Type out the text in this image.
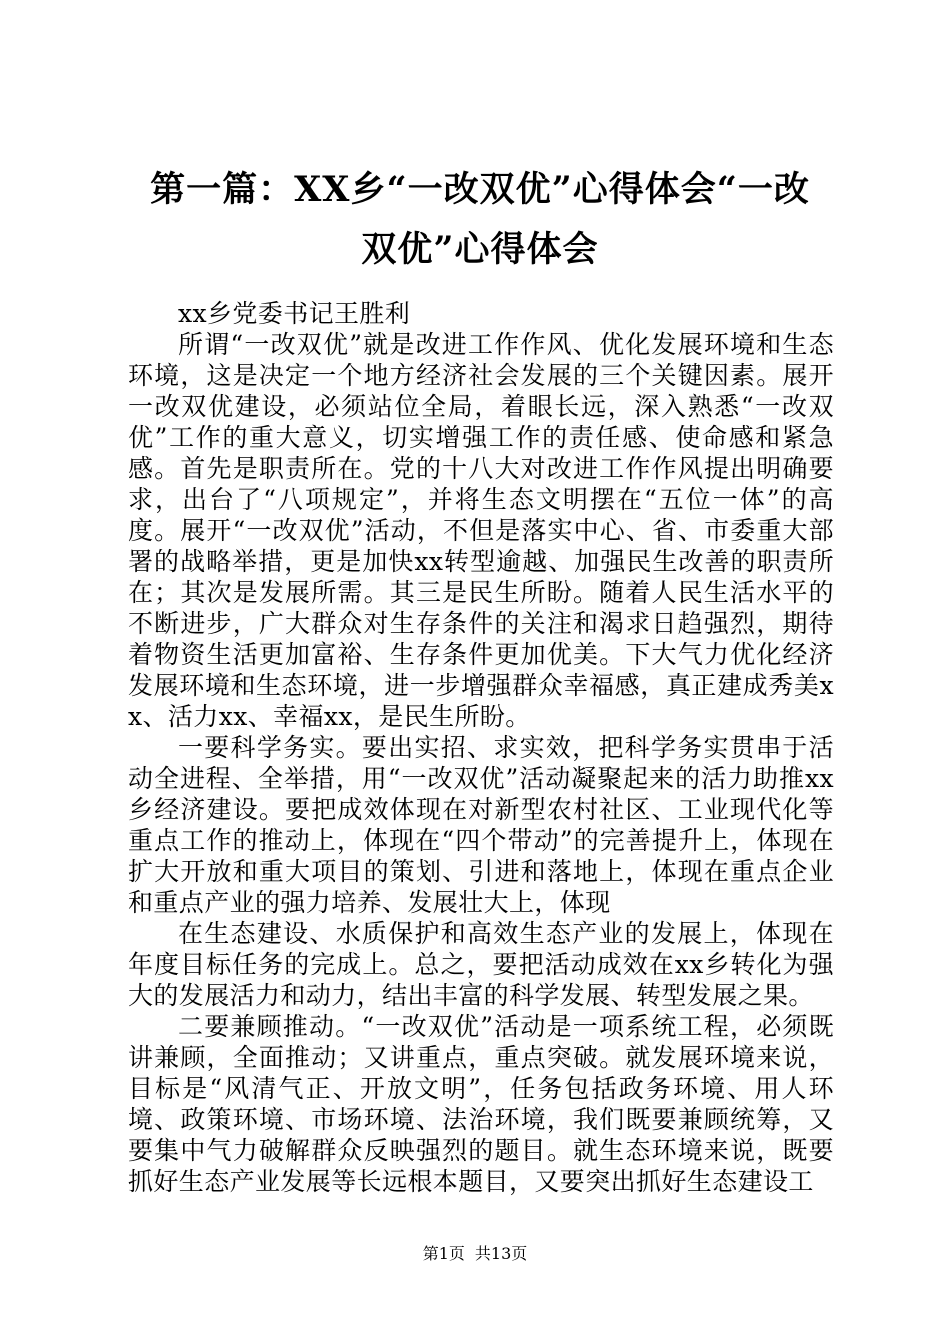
第一篇：XX乡“一改双优”心得体会“一改
双优”心得体会

xx乡党委书记王胜利

所谓“一改双优”就是改进工作作风、优化发展环境和生态环境，这是决定一个地方经济社会发展的三个关键因素。展开一改双优建设，必须站位全局，着眼长远，深入熟悉“一改双优”工作的重大意义，切实增强工作的责任感、使命感和紧急感。首先是职责所在。党的十八大对改进工作作风提出明确要求，出台了“八项规定”，并将生态文明摆在“五位一体”的高度。展开“一改双优”活动，不但是落实中心、省、市委重大部署的战略举措，更是加快xx转型逾越、加强民生改善的职责所在；其次是发展所需。其三是民生所盼。随着人民生活水平的不断进步，广大群众对生存条件的关注和渴求日趋强烈，期待着物资生活更加富裕、生存条件更加优美。下大气力优化经济发展环境和生态环境，进一步增强群众幸福感，真正建成秀美xx、活力xx、幸福xx，是民生所盼。

一要科学务实。要出实招、求实效，把科学务实贯串于活动全进程、全举措，用“一改双优”活动凝聚起来的活力助推xx乡经济建设。要把成效体现在对新型农村社区、工业现代化等重点工作的推动上，体现在“四个带动”的完善提升上，体现在扩大开放和重大项目的策划、引进和落地上，体现在重点企业和重点产业的强力培养、发展壮大上，体现

在生态建设、水质保护和高效生态产业的发展上，体现在年度目标任务的完成上。总之，要把活动成效在xx乡转化为强大的发展活力和动力，结出丰富的科学发展、转型发展之果。

二要兼顾推动。“一改双优”活动是一项系统工程，必须既讲兼顾，全面推动；又讲重点，重点突破。就发展环境来说，目标是“风清气正、开放文明”，任务包括政务环境、用人环境、政策环境、市场环境、法治环境，我们既要兼顾统筹，又要集中气力破解群众反映强烈的题目。就生态环境来说，既要抓好生态产业发展等长远根本题目，又要突出抓好生态建设工

第1页 共13页
